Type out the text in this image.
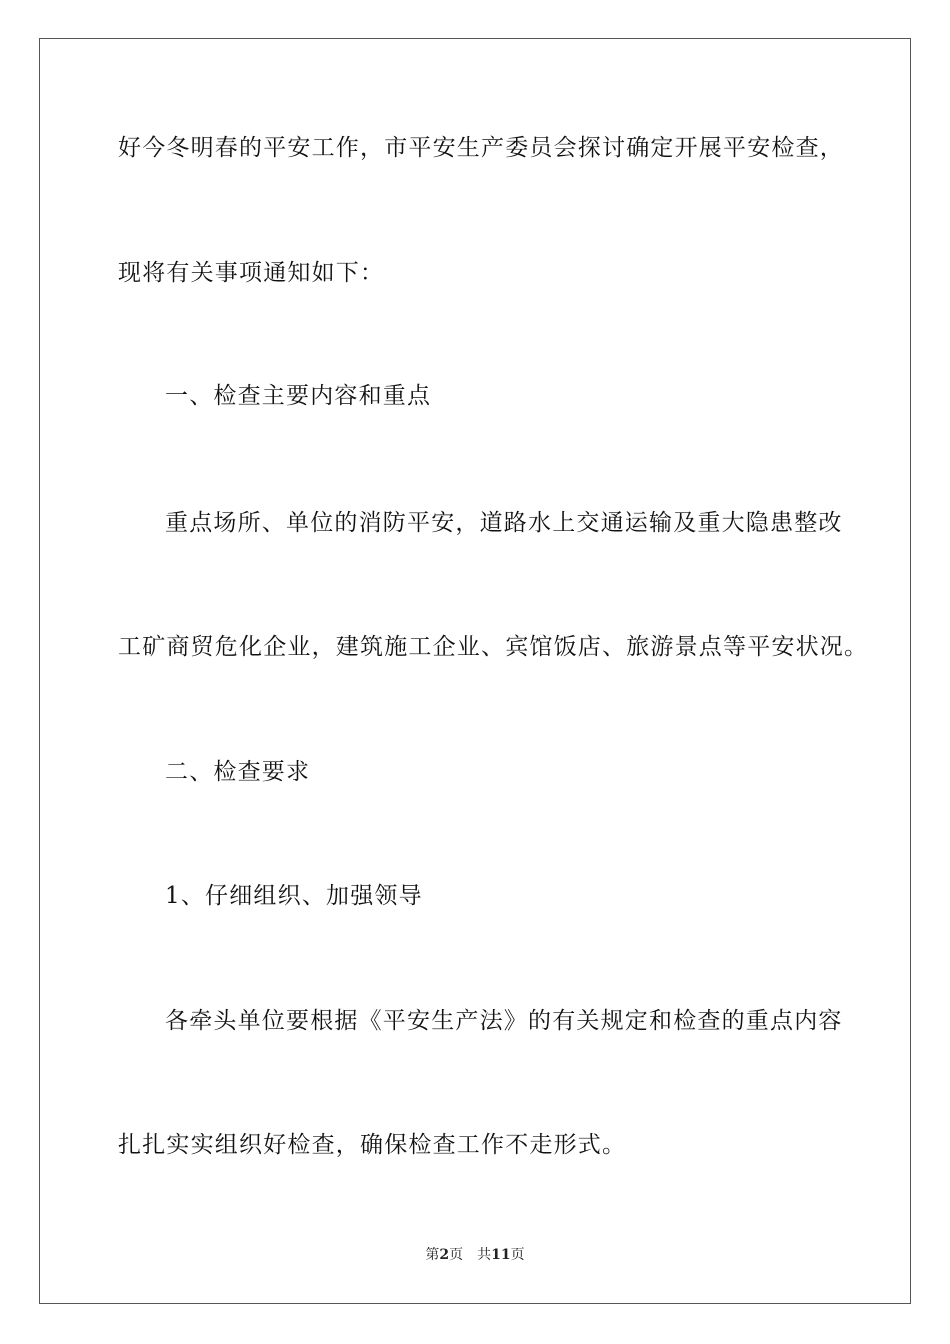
好今冬明春的平安工作，市平安生产委员会探讨确定开展平安检查，
现将有关事项通知如下：
一、检查主要内容和重点
重点场所、单位的消防平安，道路水上交通运输及重大隐患整改
工矿商贸危化企业，建筑施工企业、宾馆饭店、旅游景点等平安状况。
二、检查要求
1、仔细组织、加强领导
各牵头单位要根据《平安生产法》的有关规定和检查的重点内容
扎扎实实组织好检查，确保检查工作不走形式。
第2页 共11页
